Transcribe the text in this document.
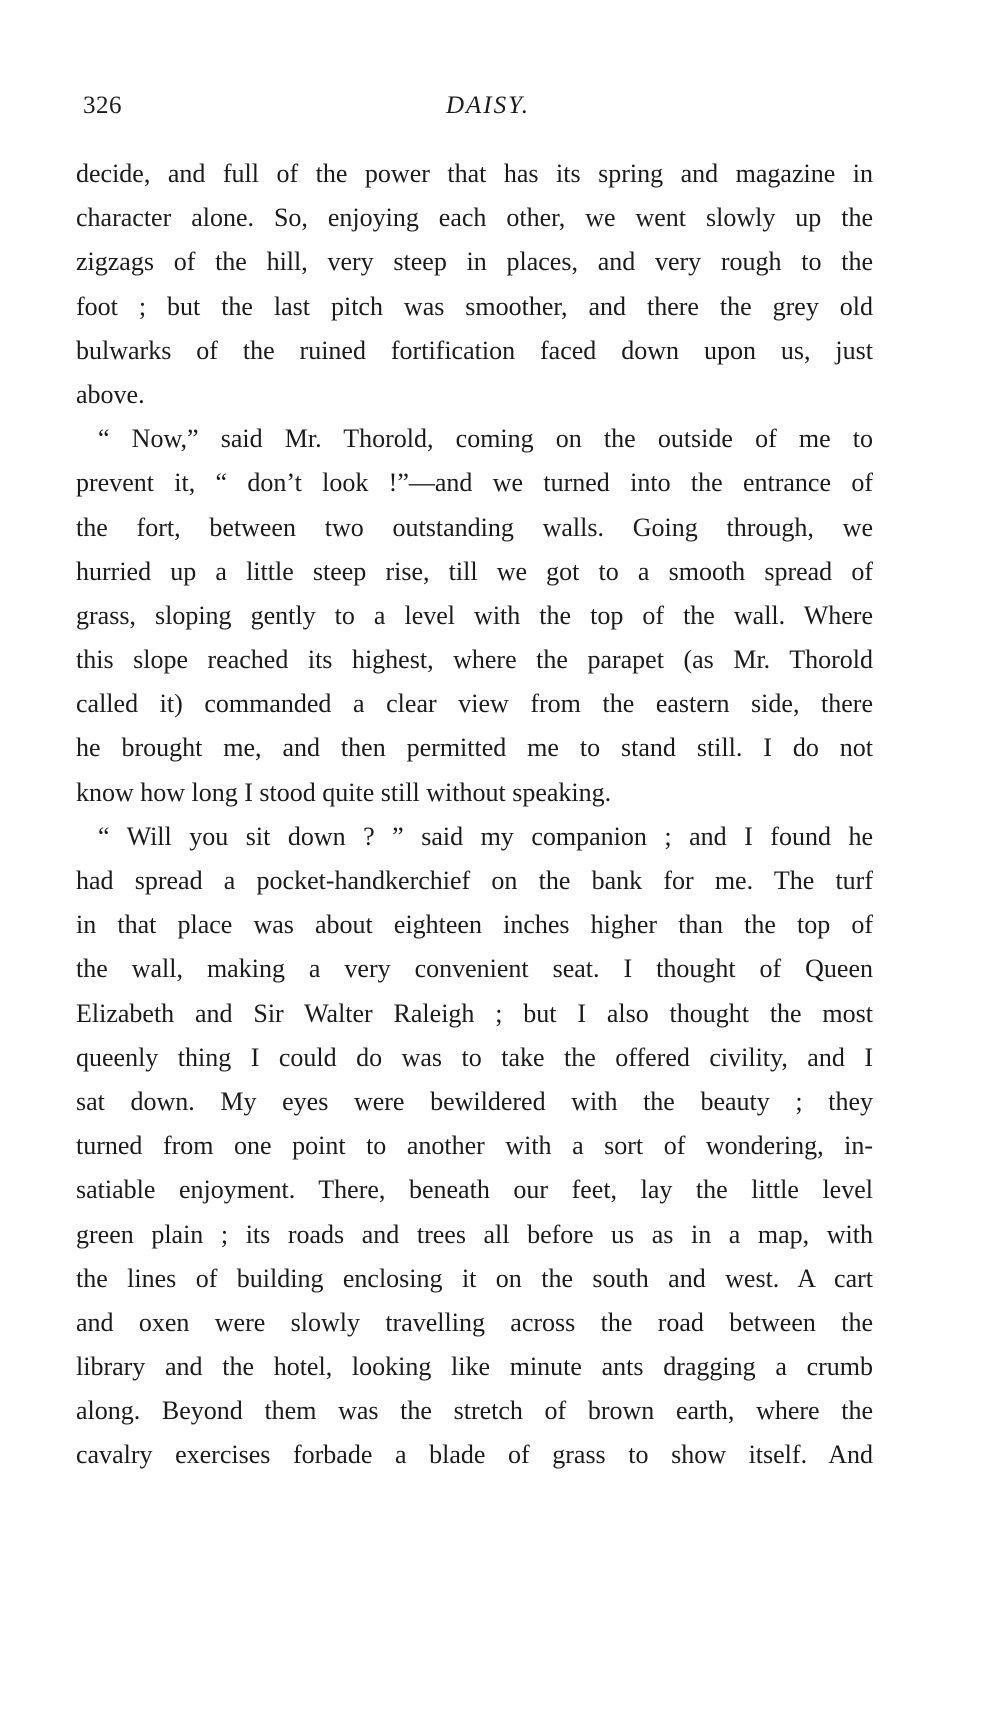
326	DAISY.
decide, and full of the power that has its spring and magazine in
character alone. So, enjoying each other, we went slowly up the
zigzags of the hill, very steep in places, and very rough to the
foot ; but the last pitch was smoother, and there the grey old
bulwarks of the ruined fortification faced down upon us, just
above.
“ Now,” said Mr. Thorold, coming on the outside of me to
prevent it, “ don’t look !”—and we turned into the entrance of
the fort, between two outstanding walls. Going through, we
hurried up a little steep rise, till we got to a smooth spread of
grass, sloping gently to a level with the top of the wall. Where
this slope reached its highest, where the parapet (as Mr. Thorold
called it) commanded a clear view from the eastern side, there
he brought me, and then permitted me to stand still. I do not
know how long I stood quite still without speaking.
“ Will you sit down ? ” said my companion ; and I found he
had spread a pocket-handkerchief on the bank for me. The turf
in that place was about eighteen inches higher than the top of
the wall, making a very convenient seat. I thought of Queen
Elizabeth and Sir Walter Raleigh ; but I also thought the most
queenly thing I could do was to take the offered civility, and I
sat down. My eyes were bewildered with the beauty ; they
turned from one point to another with a sort of wondering, in-
satiable enjoyment. There, beneath our feet, lay the little level
green plain ; its roads and trees all before us as in a map, with
the lines of building enclosing it on the south and west. A cart
and oxen were slowly travelling across the road between the
library and the hotel, looking like minute ants dragging a crumb
along. Beyond them was the stretch of brown earth, where the
cavalry exercises forbade a blade of grass to show itself. And
